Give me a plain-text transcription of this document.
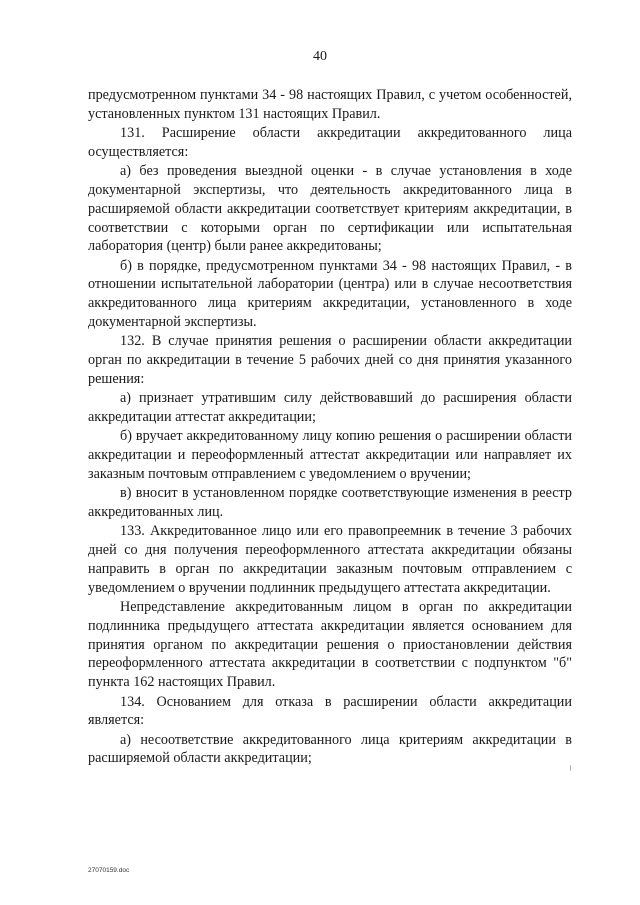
40

предусмотренном пунктами 34 - 98 настоящих Правил, с учетом особенностей, установленных пунктом 131 настоящих Правил.

131. Расширение области аккредитации аккредитованного лица осуществляется:

а) без проведения выездной оценки - в случае установления в ходе документарной экспертизы, что деятельность аккредитованного лица в расширяемой области аккредитации соответствует критериям аккредитации, в соответствии с которыми орган по сертификации или испытательная лаборатория (центр) были ранее аккредитованы;

б) в порядке, предусмотренном пунктами 34 - 98 настоящих Правил, - в отношении испытательной лаборатории (центра) или в случае несоответствия аккредитованного лица критериям аккредитации, установленного в ходе документарной экспертизы.

132. В случае принятия решения о расширении области аккредитации орган по аккредитации в течение 5 рабочих дней со дня принятия указанного решения:

а) признает утратившим силу действовавший до расширения области аккредитации аттестат аккредитации;

б) вручает аккредитованному лицу копию решения о расширении области аккредитации и переоформленный аттестат аккредитации или направляет их заказным почтовым отправлением с уведомлением о вручении;

в) вносит в установленном порядке соответствующие изменения в реестр аккредитованных лиц.

133. Аккредитованное лицо или его правопреемник в течение 3 рабочих дней со дня получения переоформленного аттестата аккредитации обязаны направить в орган по аккредитации заказным почтовым отправлением с уведомлением о вручении подлинник предыдущего аттестата аккредитации.

Непредставление аккредитованным лицом в орган по аккредитации подлинника предыдущего аттестата аккредитации является основанием для принятия органом по аккредитации решения о приостановлении действия переоформленного аттестата аккредитации в соответствии с подпунктом "б" пункта 162 настоящих Правил.

134. Основанием для отказа в расширении области аккредитации является:

а) несоответствие аккредитованного лица критериям аккредитации в расширяемой области аккредитации;

27070159.doc
